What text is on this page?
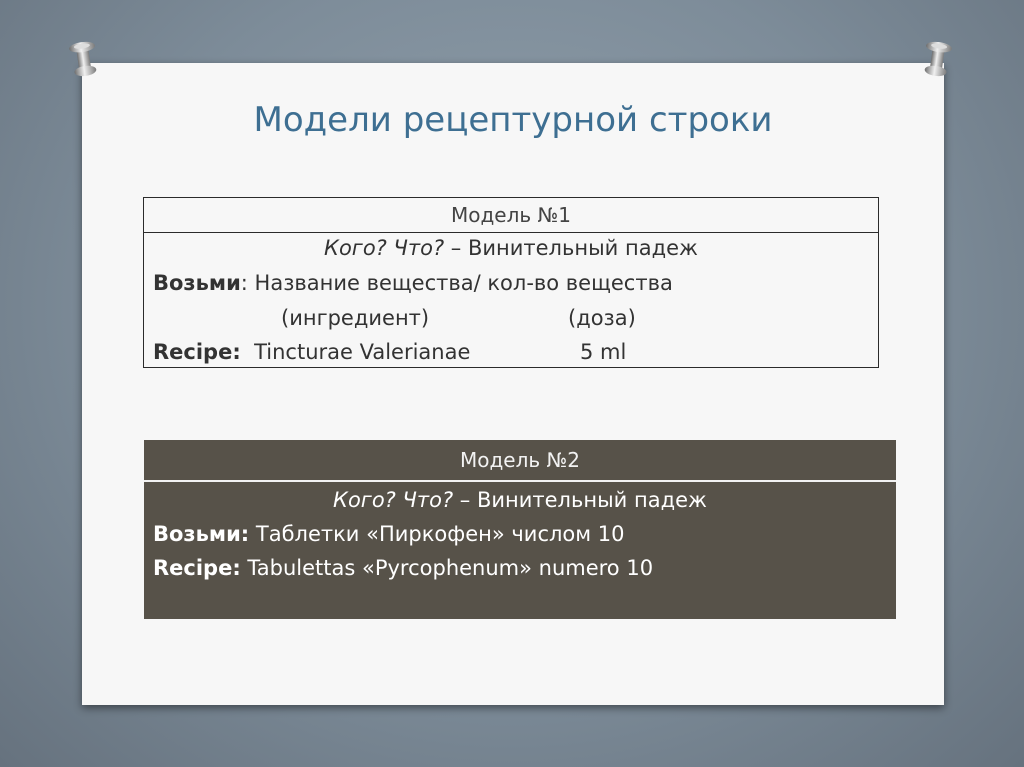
Модели рецептурной строки
Модель №1
Кого? Что? – Винительный падеж
Возьми: Название вещества/ кол-во вещества
(ингредиент)	(доза)
Recipe: Tincturae Valerianae	5 ml
Модель №2
Кого? Что? – Винительный падеж
Возьми: Таблетки «Пиркофен» числом 10
Recipe: Tabulettas «Pyrcophenum» numero 10
